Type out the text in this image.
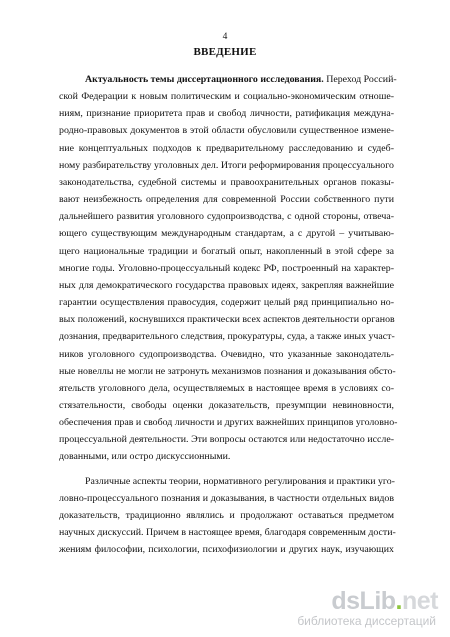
4
ВВЕДЕНИЕ
Актуальность темы диссертационного исследования. Переход Россий-
ской Федерации к новым политическим и социально-экономическим отноше-
ниям, признание приоритета прав и свобод личности, ратификация междуна-
родно-правовых документов в этой области обусловили существенное измене-
ние концептуальных подходов к предварительному расследованию и судеб-
ному разбирательству уголовных дел. Итоги реформирования процессуального
законодательства, судебной системы и правоохранительных органов показы-
вают неизбежность определения для современной России собственного пути
дальнейшего развития уголовного судопроизводства, с одной стороны, отвеча-
ющего существующим международным стандартам, а с другой – учитываю-
щего национальные традиции и богатый опыт, накопленный в этой сфере за
многие годы. Уголовно-процессуальный кодекс РФ, построенный на характер-
ных для демократического государства правовых идеях, закрепляя важнейшие
гарантии осуществления правосудия, содержит целый ряд принципиально но-
вых положений, коснувшихся практически всех аспектов деятельности органов
дознания, предварительного следствия, прокуратуры, суда, а также иных участ-
ников уголовного судопроизводства. Очевидно, что указанные законодатель-
ные новеллы не могли не затронуть механизмов познания и доказывания обсто-
ятельств уголовного дела, осуществляемых в настоящее время в условиях со-
стязательности, свободы оценки доказательств, презумпции невиновности,
обеспечения прав и свобод личности и других важнейших принципов уголовно-
процессуальной деятельности. Эти вопросы остаются или недостаточно иссле-
дованными, или остро дискуссионными.
Различные аспекты теории, нормативного регулирования и практики уго-
ловно-процессуального познания и доказывания, в частности отдельных видов
доказательств, традиционно являлись и продолжают оставаться предметом
научных дискуссий. Причем в настоящее время, благодаря современным дости-
жениям философии, психологии, психофизиологии и других наук, изучающих
dsLib.net
библиотека диссертаций
